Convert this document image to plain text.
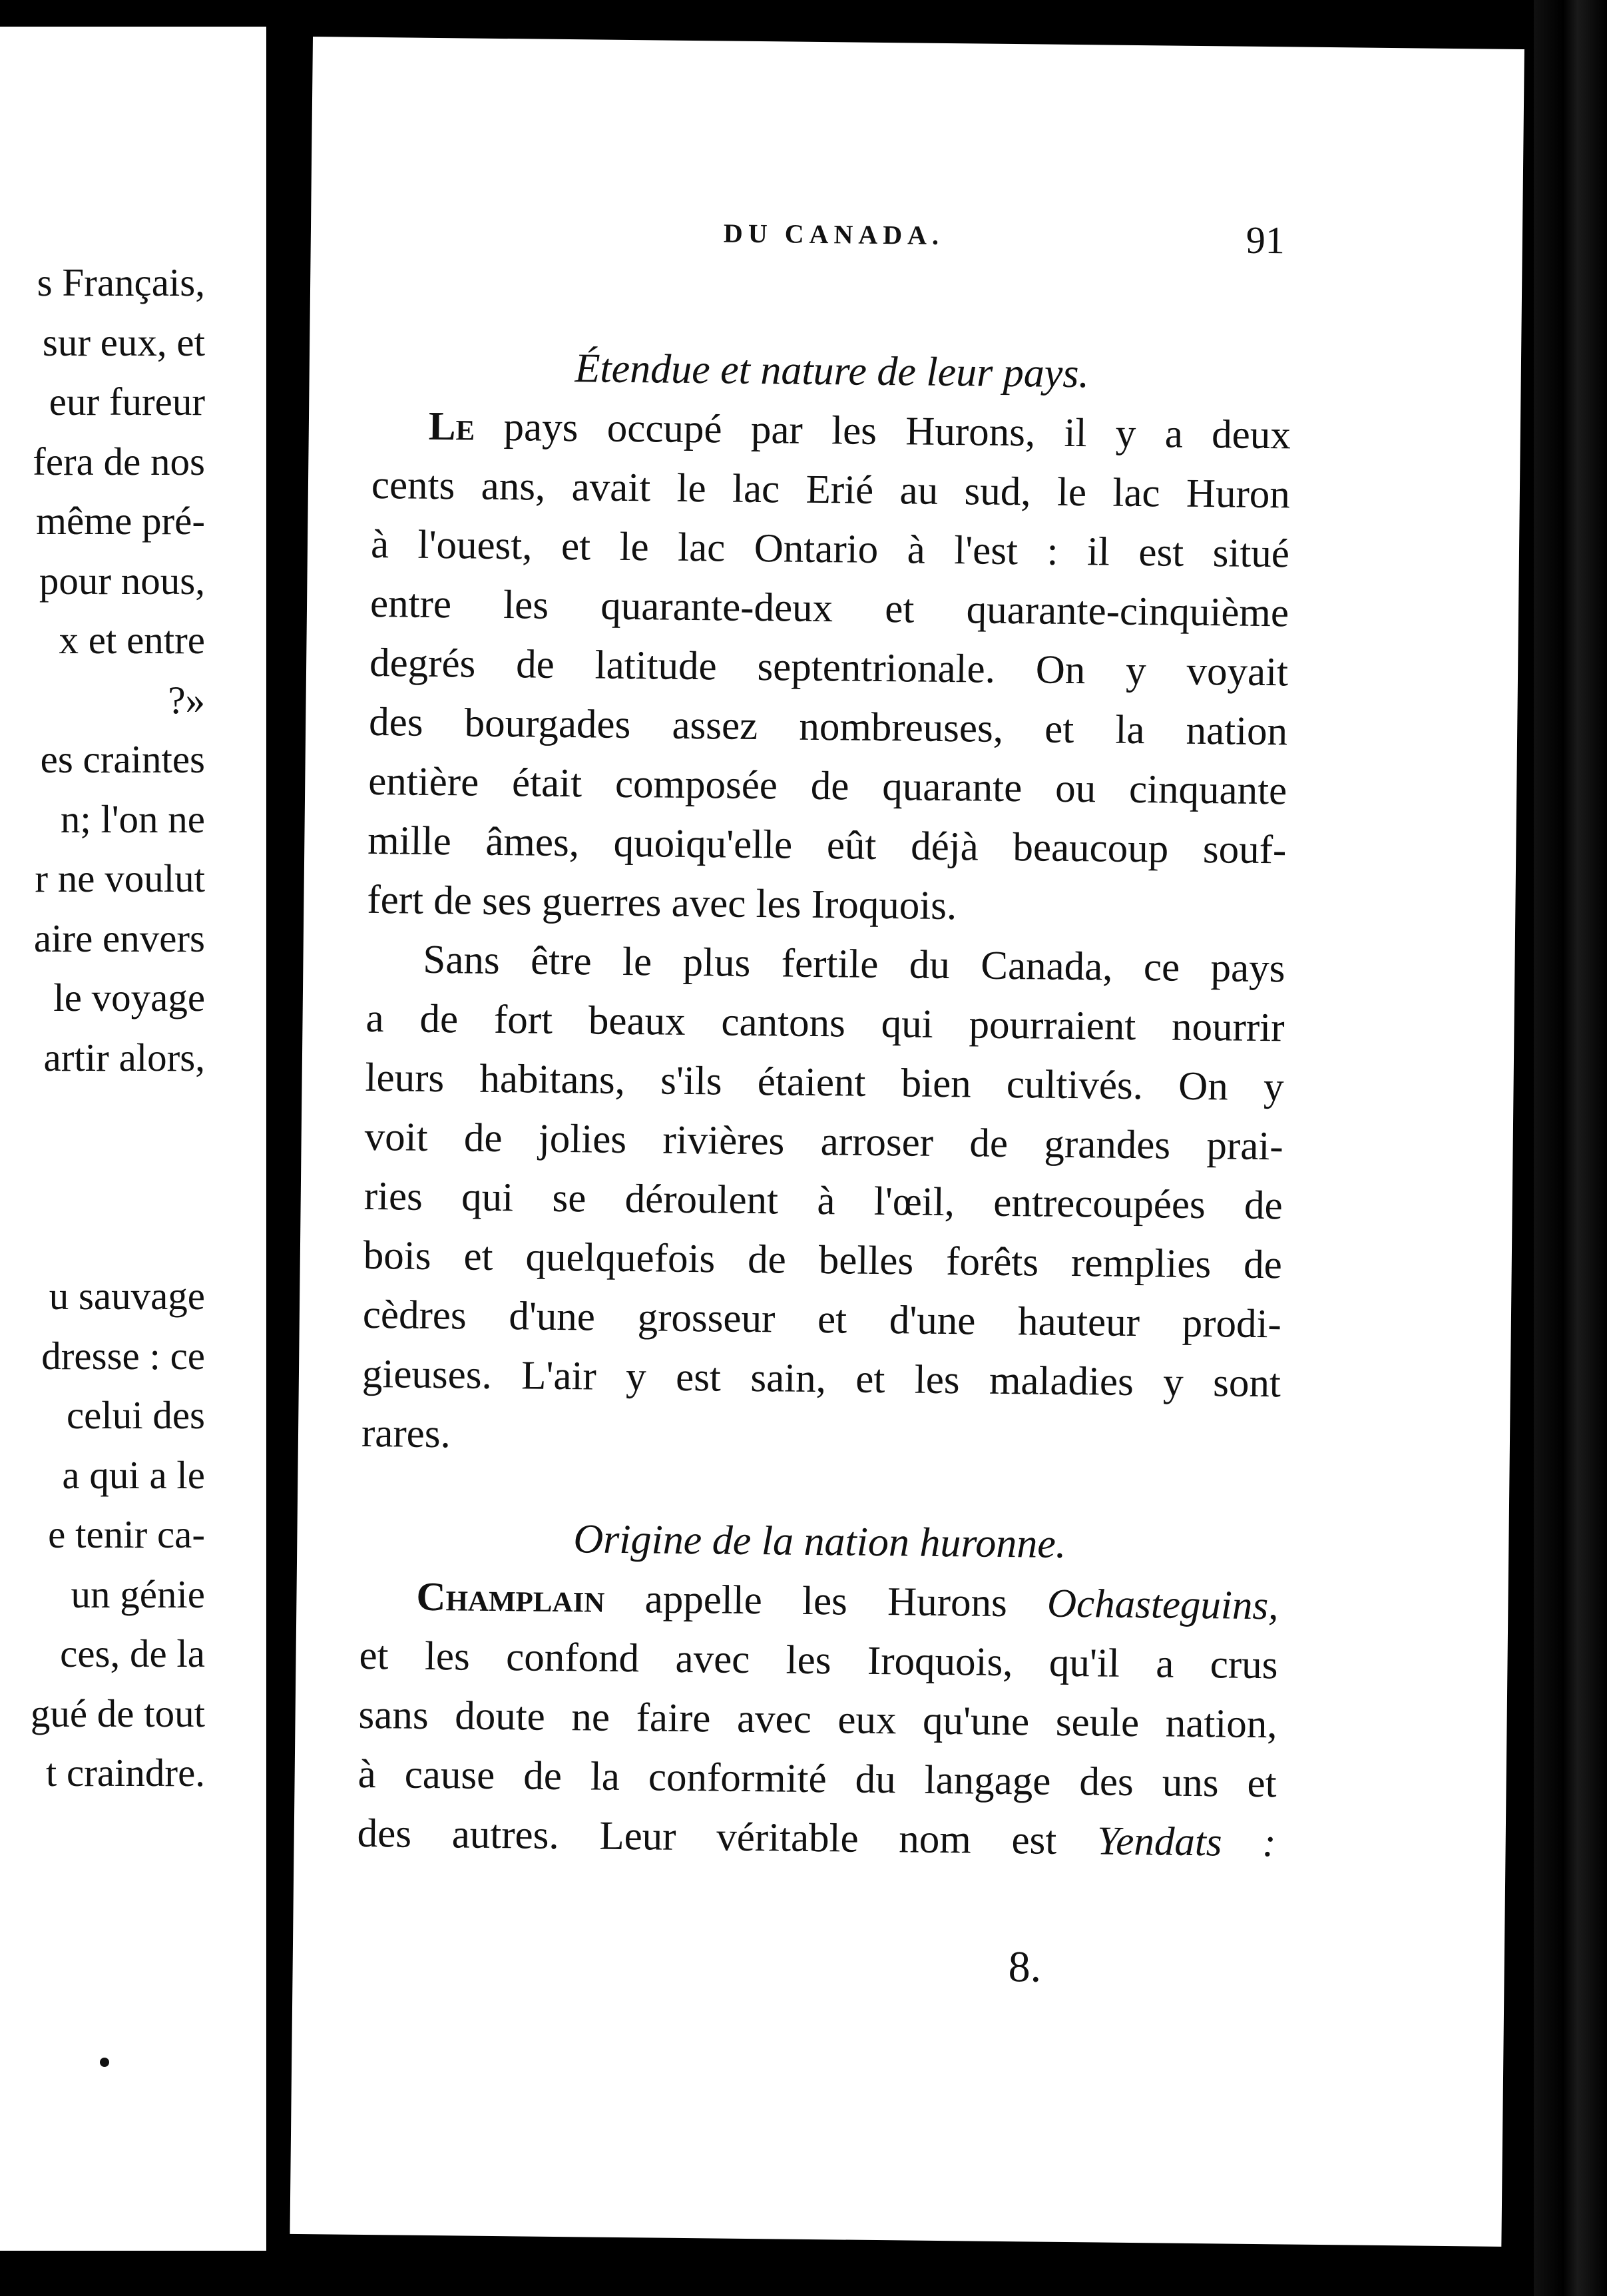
s Français,
sur eux, et
eur fureur
fera de nos
même pré-
pour nous,
x et entre
?»
es craintes
n; l'on ne
r ne voulut
aire envers
le voyage
artir alors,
u sauvage
dresse : ce
celui des
a qui a le
e tenir ca-
un génie
ces, de la
gué de tout
t craindre.
DU CANADA.	91
Étendue et nature de leur pays.
Le pays occupé par les Hurons, il y a deux
cents ans, avait le lac Erié au sud, le lac Huron
à l'ouest, et le lac Ontario à l'est : il est situé
entre les quarante-deux et quarante-cinquième
degrés de latitude septentrionale. On y voyait
des bourgades assez nombreuses, et la nation
entière était composée de quarante ou cinquante
mille âmes, quoiqu'elle eût déjà beaucoup souf-
fert de ses guerres avec les Iroquois.
Sans être le plus fertile du Canada, ce pays
a de fort beaux cantons qui pourraient nourrir
leurs habitans, s'ils étaient bien cultivés. On y
voit de jolies rivières arroser de grandes prai-
ries qui se déroulent à l'œil, entrecoupées de
bois et quelquefois de belles forêts remplies de
cèdres d'une grosseur et d'une hauteur prodi-
gieuses. L'air y est sain, et les maladies y sont
rares.
Origine de la nation huronne.
Champlain appelle les Hurons Ochasteguins,
et les confond avec les Iroquois, qu'il a crus
sans doute ne faire avec eux qu'une seule nation,
à cause de la conformité du langage des uns et
des autres. Leur véritable nom est Yendats :
8.
